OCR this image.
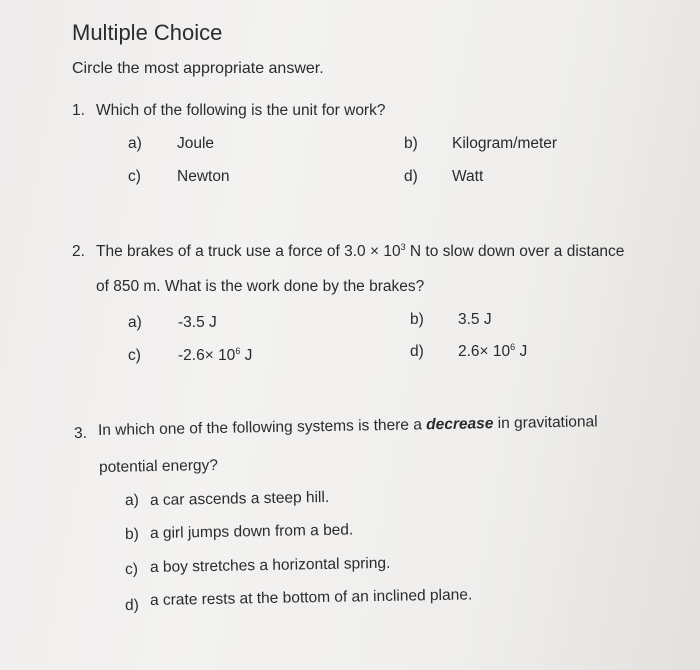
Multiple Choice
Circle the most appropriate answer.
1. Which of the following is the unit for work?
a) Joule	b) Kilogram/meter
c) Newton	d) Watt
2. The brakes of a truck use a force of $3.0 \times 10^3$ N to slow down over a distance
of 850 m. What is the work done by the brakes?
a) -3.5 J	b) 3.5 J
c) $-2.6\times 10^6$ J	d) $2.6\times 10^6$ J
3. In which one of the following systems is there a decrease in gravitational
potential energy?
a) a car ascends a steep hill.
b) a girl jumps down from a bed.
c) a boy stretches a horizontal spring.
d) a crate rests at the bottom of an inclined plane.
